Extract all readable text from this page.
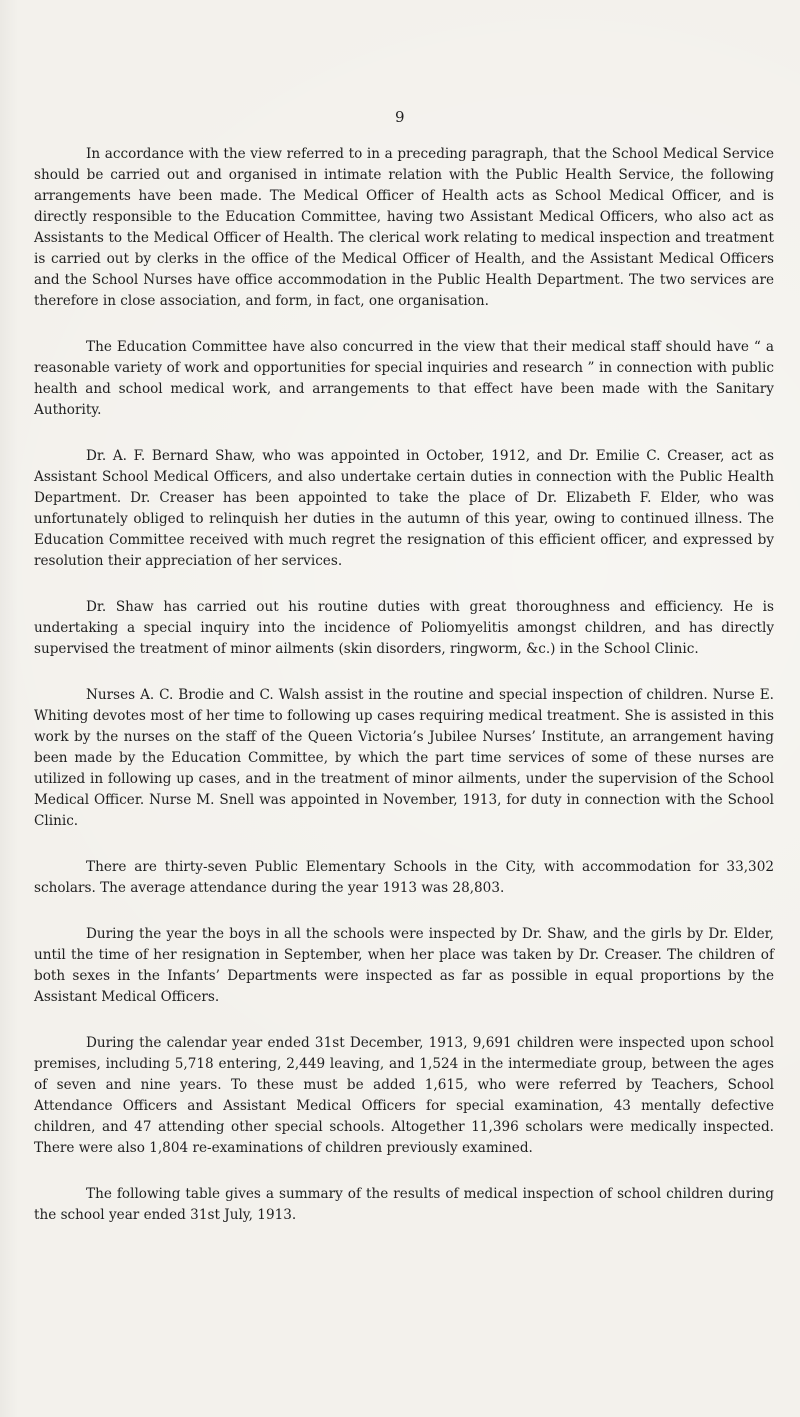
9

In accordance with the view referred to in a preceding paragraph, that the School Medical Service should be carried out and organised in intimate relation with the Public Health Service, the following arrangements have been made. The Medical Officer of Health acts as School Medical Officer, and is directly responsible to the Education Committee, having two Assistant Medical Officers, who also act as Assistants to the Medical Officer of Health. The clerical work relating to medical inspection and treatment is carried out by clerks in the office of the Medical Officer of Health, and the Assistant Medical Officers and the School Nurses have office accommodation in the Public Health Department. The two services are therefore in close association, and form, in fact, one organisation.

The Education Committee have also concurred in the view that their medical staff should have “ a reasonable variety of work and opportunities for special inquiries and research ” in connection with public health and school medical work, and arrangements to that effect have been made with the Sanitary Authority.

Dr. A. F. Bernard Shaw, who was appointed in October, 1912, and Dr. Emilie C. Creaser, act as Assistant School Medical Officers, and also undertake certain duties in connection with the Public Health Department. Dr. Creaser has been appointed to take the place of Dr. Elizabeth F. Elder, who was unfortunately obliged to relinquish her duties in the autumn of this year, owing to continued illness. The Education Committee received with much regret the resignation of this efficient officer, and expressed by resolution their appreciation of her services.

Dr. Shaw has carried out his routine duties with great thoroughness and efficiency. He is undertaking a special inquiry into the incidence of Poliomyelitis amongst children, and has directly supervised the treatment of minor ailments (skin disorders, ringworm, &c.) in the School Clinic.

Nurses A. C. Brodie and C. Walsh assist in the routine and special inspection of children. Nurse E. Whiting devotes most of her time to following up cases requiring medical treatment. She is assisted in this work by the nurses on the staff of the Queen Victoria’s Jubilee Nurses’ Institute, an arrangement having been made by the Education Committee, by which the part time services of some of these nurses are utilized in following up cases, and in the treatment of minor ailments, under the supervision of the School Medical Officer. Nurse M. Snell was appointed in November, 1913, for duty in connection with the School Clinic.

There are thirty-seven Public Elementary Schools in the City, with accommodation for 33,302 scholars. The average attendance during the year 1913 was 28,803.

During the year the boys in all the schools were inspected by Dr. Shaw, and the girls by Dr. Elder, until the time of her resignation in September, when her place was taken by Dr. Creaser. The children of both sexes in the Infants’ Departments were inspected as far as possible in equal proportions by the Assistant Medical Officers.

During the calendar year ended 31st December, 1913, 9,691 children were inspected upon school premises, including 5,718 entering, 2,449 leaving, and 1,524 in the intermediate group, between the ages of seven and nine years. To these must be added 1,615, who were referred by Teachers, School Attendance Officers and Assistant Medical Officers for special examination, 43 mentally defective children, and 47 attending other special schools. Altogether 11,396 scholars were medically inspected. There were also 1,804 re-examinations of children previously examined.

The following table gives a summary of the results of medical inspection of school children during the school year ended 31st July, 1913.
